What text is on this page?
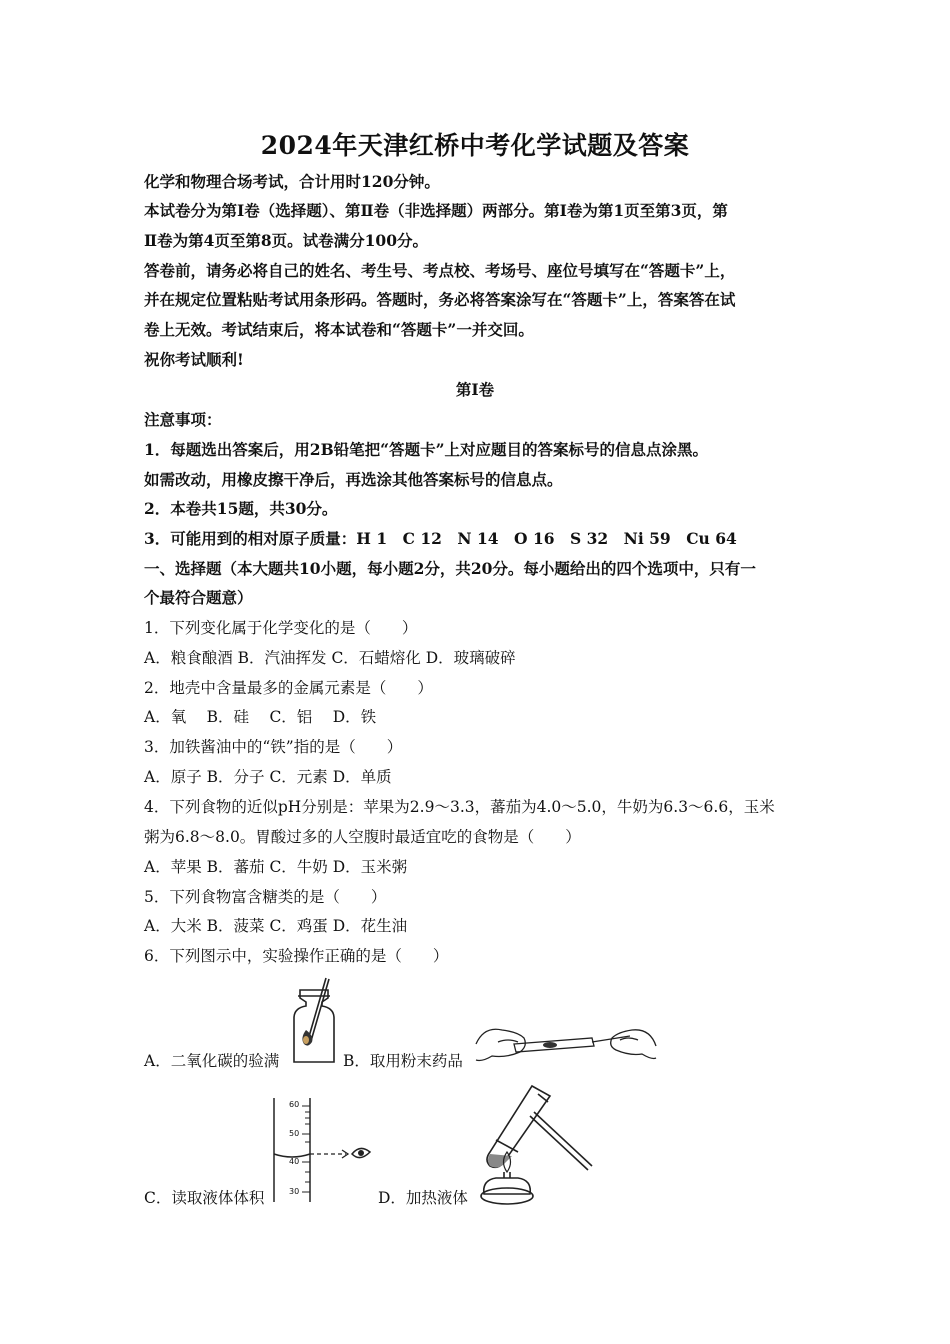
2024年天津红桥中考化学试题及答案
化学和物理合场考试，合计用时120分钟。
本试卷分为第Ⅰ卷（选择题）、第Ⅱ卷（非选择题）两部分。第Ⅰ卷为第1页至第3页，第
Ⅱ卷为第4页至第8页。试卷满分100分。
答卷前，请务必将自己的姓名、考生号、考点校、考场号、座位号填写在“答题卡”上，
并在规定位置粘贴考试用条形码。答题时，务必将答案涂写在“答题卡”上，答案答在试
卷上无效。考试结束后，将本试卷和“答题卡”一并交回。
祝你考试顺利!
第Ⅰ卷
注意事项：
1．每题选出答案后，用2B铅笔把“答题卡”上对应题目的答案标号的信息点涂黑。
如需改动，用橡皮擦干净后，再选涂其他答案标号的信息点。
2．本卷共15题，共30分。
3．可能用到的相对原子质量：H 1　C 12　N 14　O 16　S 32　Ni 59　Cu 64
一、选择题（本大题共10小题，每小题2分，共20分。每小题给出的四个选项中，只有一
个最符合题意）
1．下列变化属于化学变化的是（　　）
A．粮食酿酒 B．汽油挥发 C．石蜡熔化 D．玻璃破碎
2．地壳中含量最多的金属元素是（　　）
A．氧　 B．硅　 C．铝　 D．铁
3．加铁酱油中的“铁”指的是（　　）
A．原子 B．分子 C．元素 D．单质
4．下列食物的近似pH分别是：苹果为2.9～3.3，蕃茄为4.0～5.0，牛奶为6.3～6.6，玉米
粥为6.8～8.0。胃酸过多的人空腹时最适宜吃的食物是（　　）
A．苹果 B．蕃茄 C．牛奶 D．玉米粥
5．下列食物富含糖类的是（　　）
A．大米 B．菠菜 C．鸡蛋 D．花生油
6．下列图示中，实验操作正确的是（　　）
A．二氧化碳的验满	B．取用粉末药品
C．读取液体体积	D．加热液体
60
50
40
30
